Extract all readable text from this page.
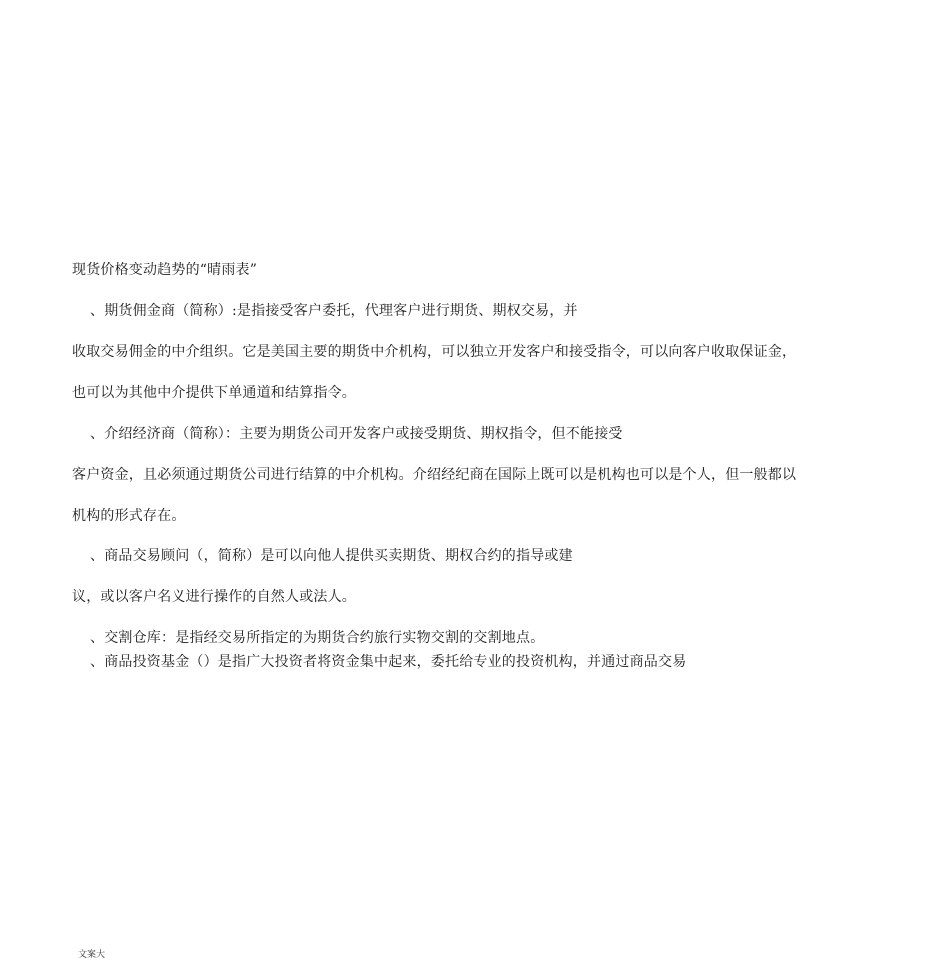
现货价格变动趋势的“晴雨表”
、期货佣金商（简称）:是指接受客户委托，代理客户进行期货、期权交易，并
收取交易佣金的中介组织。它是美国主要的期货中介机构，可以独立开发客户和接受指令，可以向客户收取保证金，
也可以为其他中介提供下单通道和结算指令。
、介绍经济商（简称）：主要为期货公司开发客户或接受期货、期权指令，但不能接受
客户资金，且必须通过期货公司进行结算的中介机构。介绍经纪商在国际上既可以是机构也可以是个人，但一般都以
机构的形式存在。
、商品交易顾问（，简称）是可以向他人提供买卖期货、期权合约的指导或建
议，或以客户名义进行操作的自然人或法人。
、交割仓库：是指经交易所指定的为期货合约旅行实物交割的交割地点。
、商品投资基金（）是指广大投资者将资金集中起来，委托给专业的投资机构，并通过商品交易
文案大
